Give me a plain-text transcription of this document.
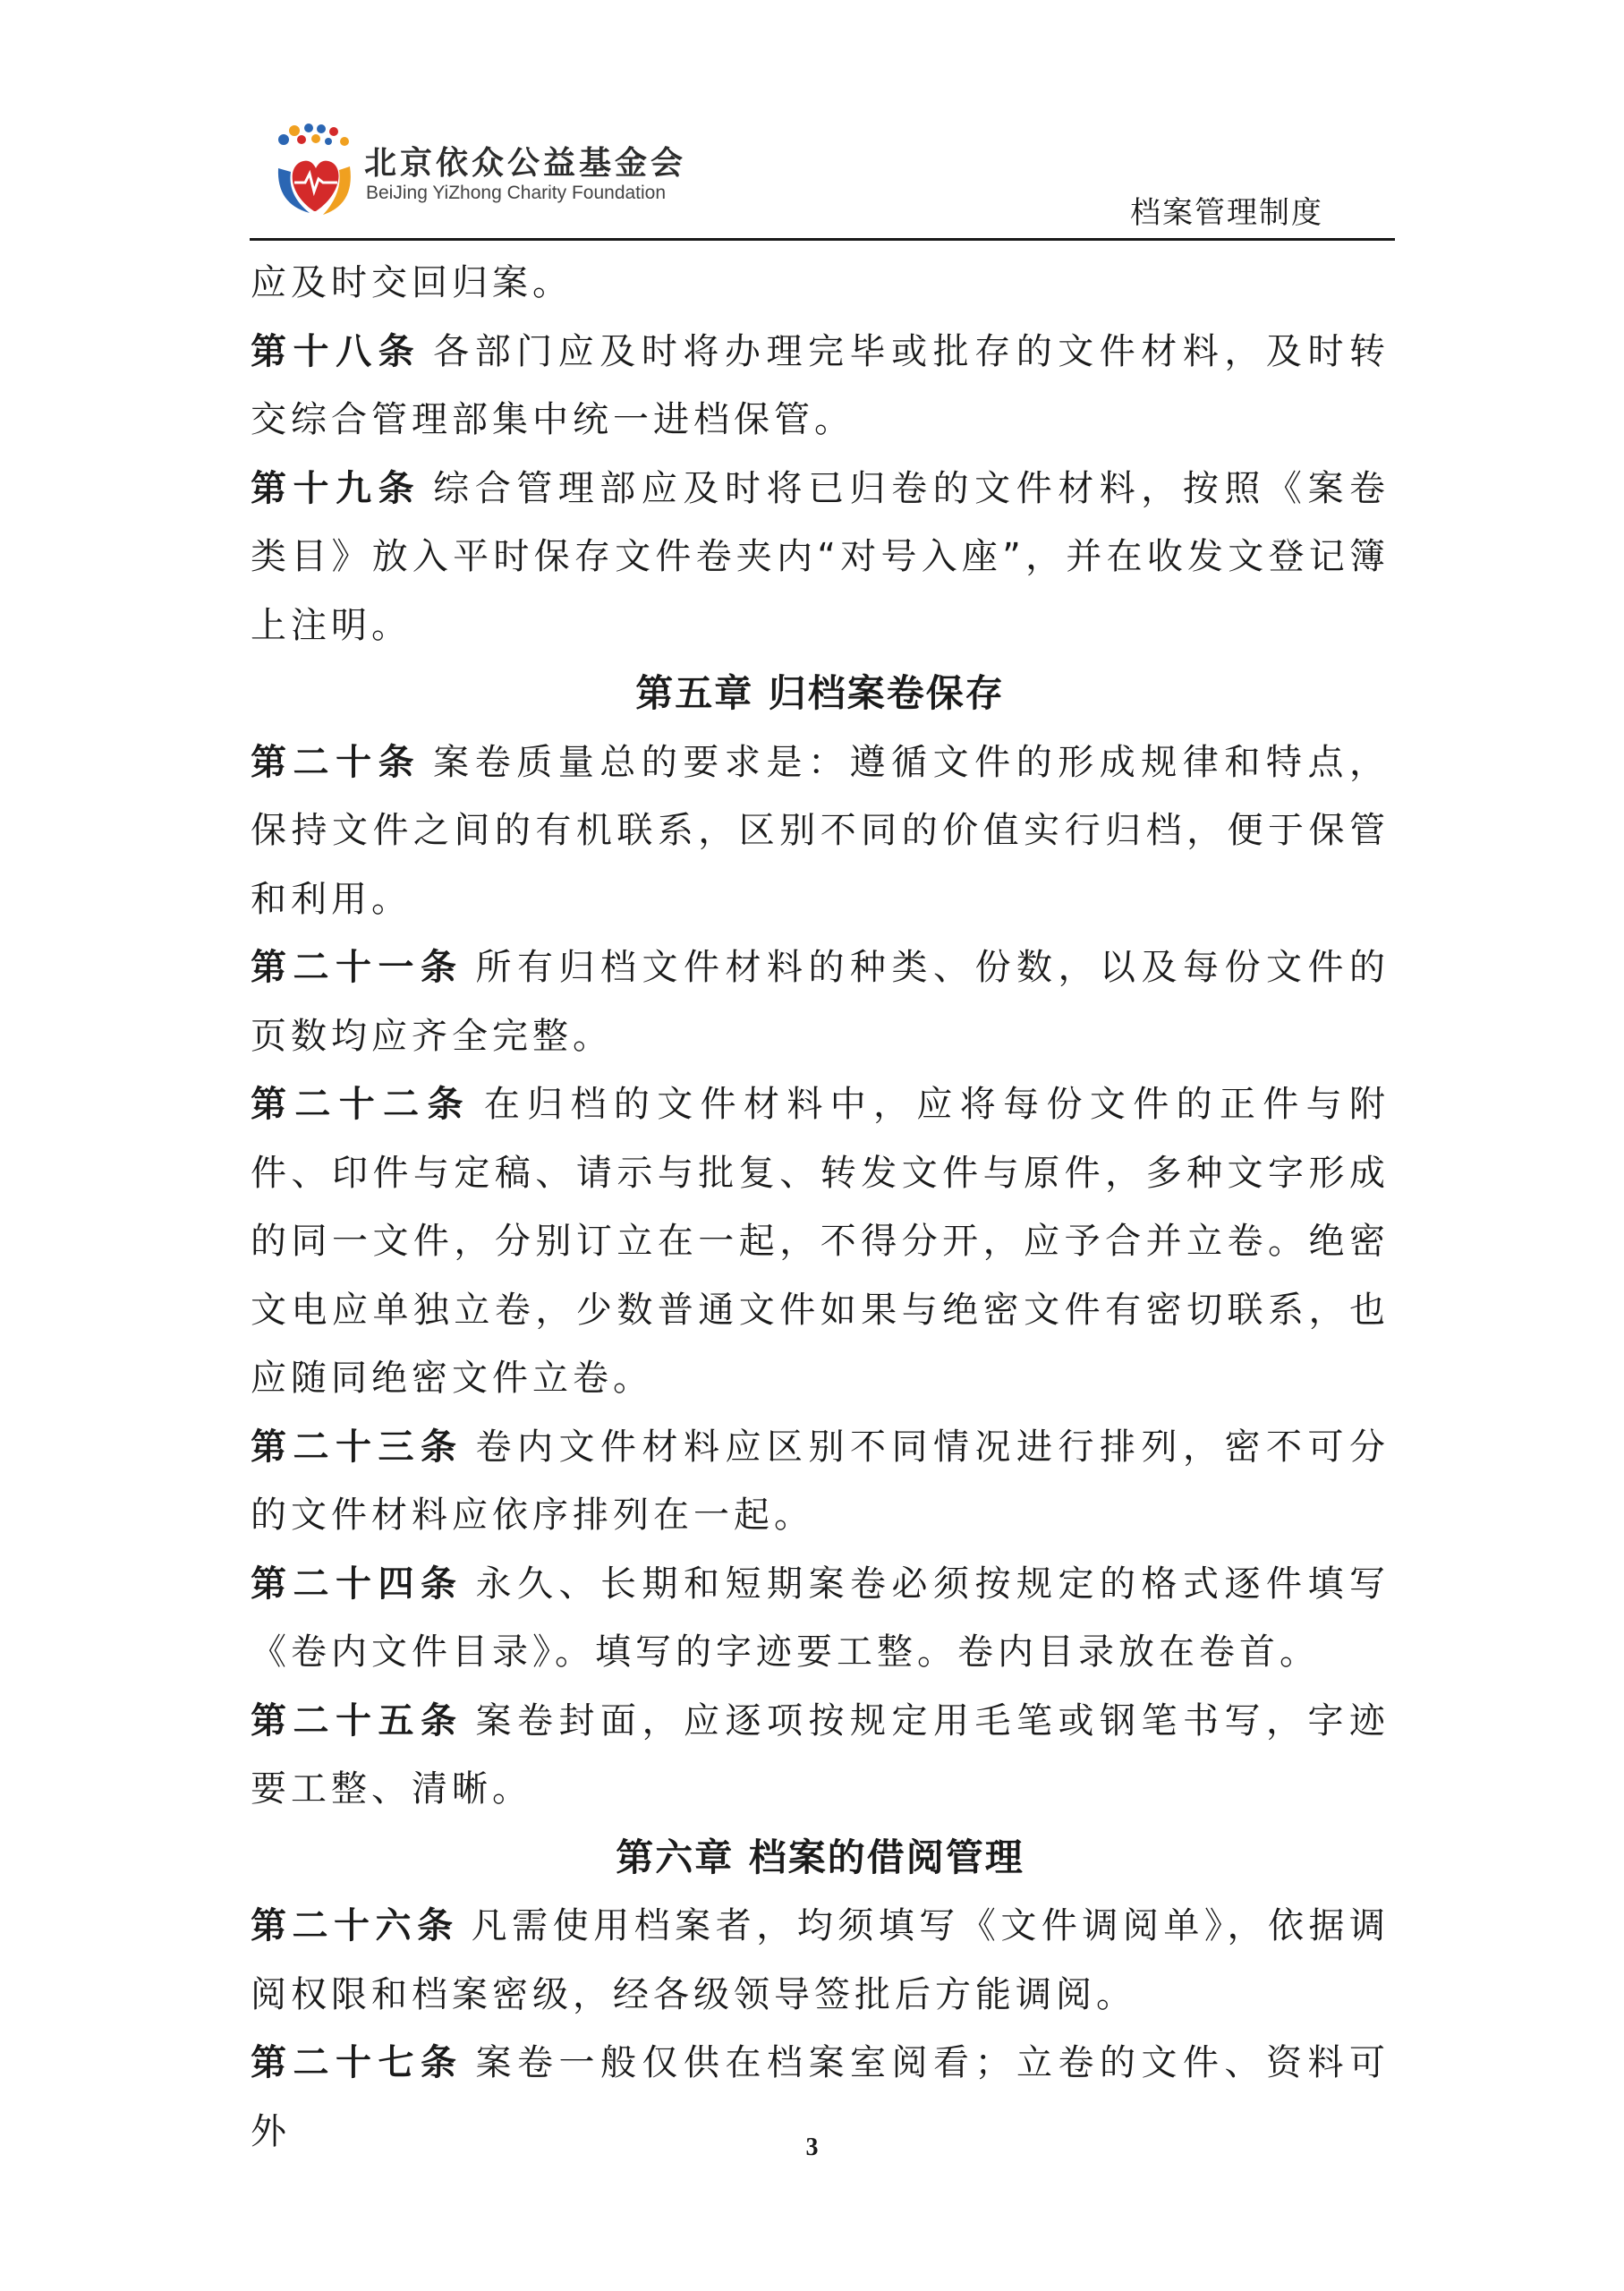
北京依众公益基金会
BeiJing YiZhong Charity Foundation
档案管理制度
应及时交回归案。
第十八条 各部门应及时将办理完毕或批存的文件材料，及时转交综合管理部集中统一进档保管。
第十九条 综合管理部应及时将已归卷的文件材料，按照《案卷类目》放入平时保存文件卷夹内“对号入座”，并在收发文登记簿上注明。
第五章 归档案卷保存
第二十条 案卷质量总的要求是：遵循文件的形成规律和特点，保持文件之间的有机联系，区别不同的价值实行归档，便于保管和利用。
第二十一条 所有归档文件材料的种类、份数，以及每份文件的页数均应齐全完整。
第二十二条 在归档的文件材料中，应将每份文件的正件与附件、印件与定稿、请示与批复、转发文件与原件，多种文字形成的同一文件，分别订立在一起，不得分开，应予合并立卷。绝密文电应单独立卷，少数普通文件如果与绝密文件有密切联系，也应随同绝密文件立卷。
第二十三条 卷内文件材料应区别不同情况进行排列，密不可分的文件材料应依序排列在一起。
第二十四条 永久、长期和短期案卷必须按规定的格式逐件填写《卷内文件目录》。填写的字迹要工整。卷内目录放在卷首。
第二十五条 案卷封面，应逐项按规定用毛笔或钢笔书写，字迹要工整、清晰。
第六章 档案的借阅管理
第二十六条 凡需使用档案者，均须填写《文件调阅单》，依据调阅权限和档案密级，经各级领导签批后方能调阅。
第二十七条 案卷一般仅供在档案室阅看；立卷的文件、资料可外	3
